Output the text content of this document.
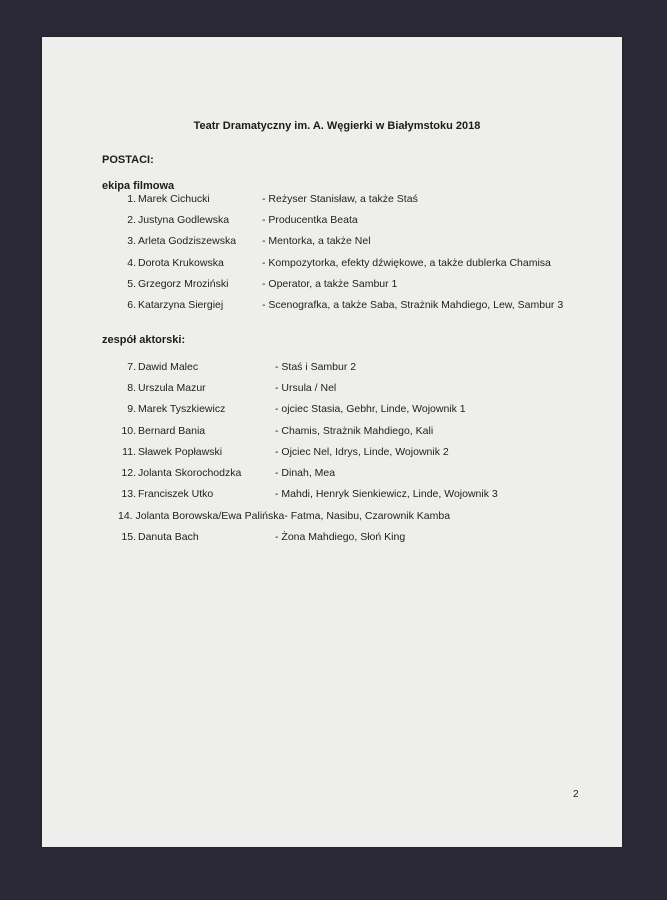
Teatr Dramatyczny im. A. Węgierki w Białymstoku 2018
POSTACI:
ekipa filmowa
1. Marek Cichucki	- Reżyser Stanisław, a także Staś
2. Justyna Godlewska	- Producentka Beata
3. Arleta Godziszewska - Mentorka, a także Nel
4. Dorota Krukowska	- Kompozytorka, efekty dźwiękowe, a także dublerka Chamisa
5. Grzegorz Mroziński	- Operator, a także Sambur 1
6. Katarzyna Siergiej	- Scenografka, a także Saba, Strażnik Mahdiego, Lew, Sambur 3
zespół aktorski:
7. Dawid Malec	- Staś i Sambur 2
8. Urszula Mazur	- Ursula / Nel
9. Marek Tyszkiewicz	- ojciec Stasia, Gebhr, Linde, Wojownik 1
10. Bernard Bania	- Chamis, Strażnik Mahdiego, Kali
11. Sławek Popławski	- Ojciec Nel, Idrys, Linde, Wojownik 2
12. Jolanta Skorochodzka	- Dinah, Mea
13. Franciszek Utko	- Mahdi, Henryk Sienkiewicz, Linde, Wojownik 3
14. Jolanta Borowska/Ewa Palińska- Fatma, Nasibu, Czarownik Kamba
15. Danuta Bach	- Żona Mahdiego, Słoń King
2
